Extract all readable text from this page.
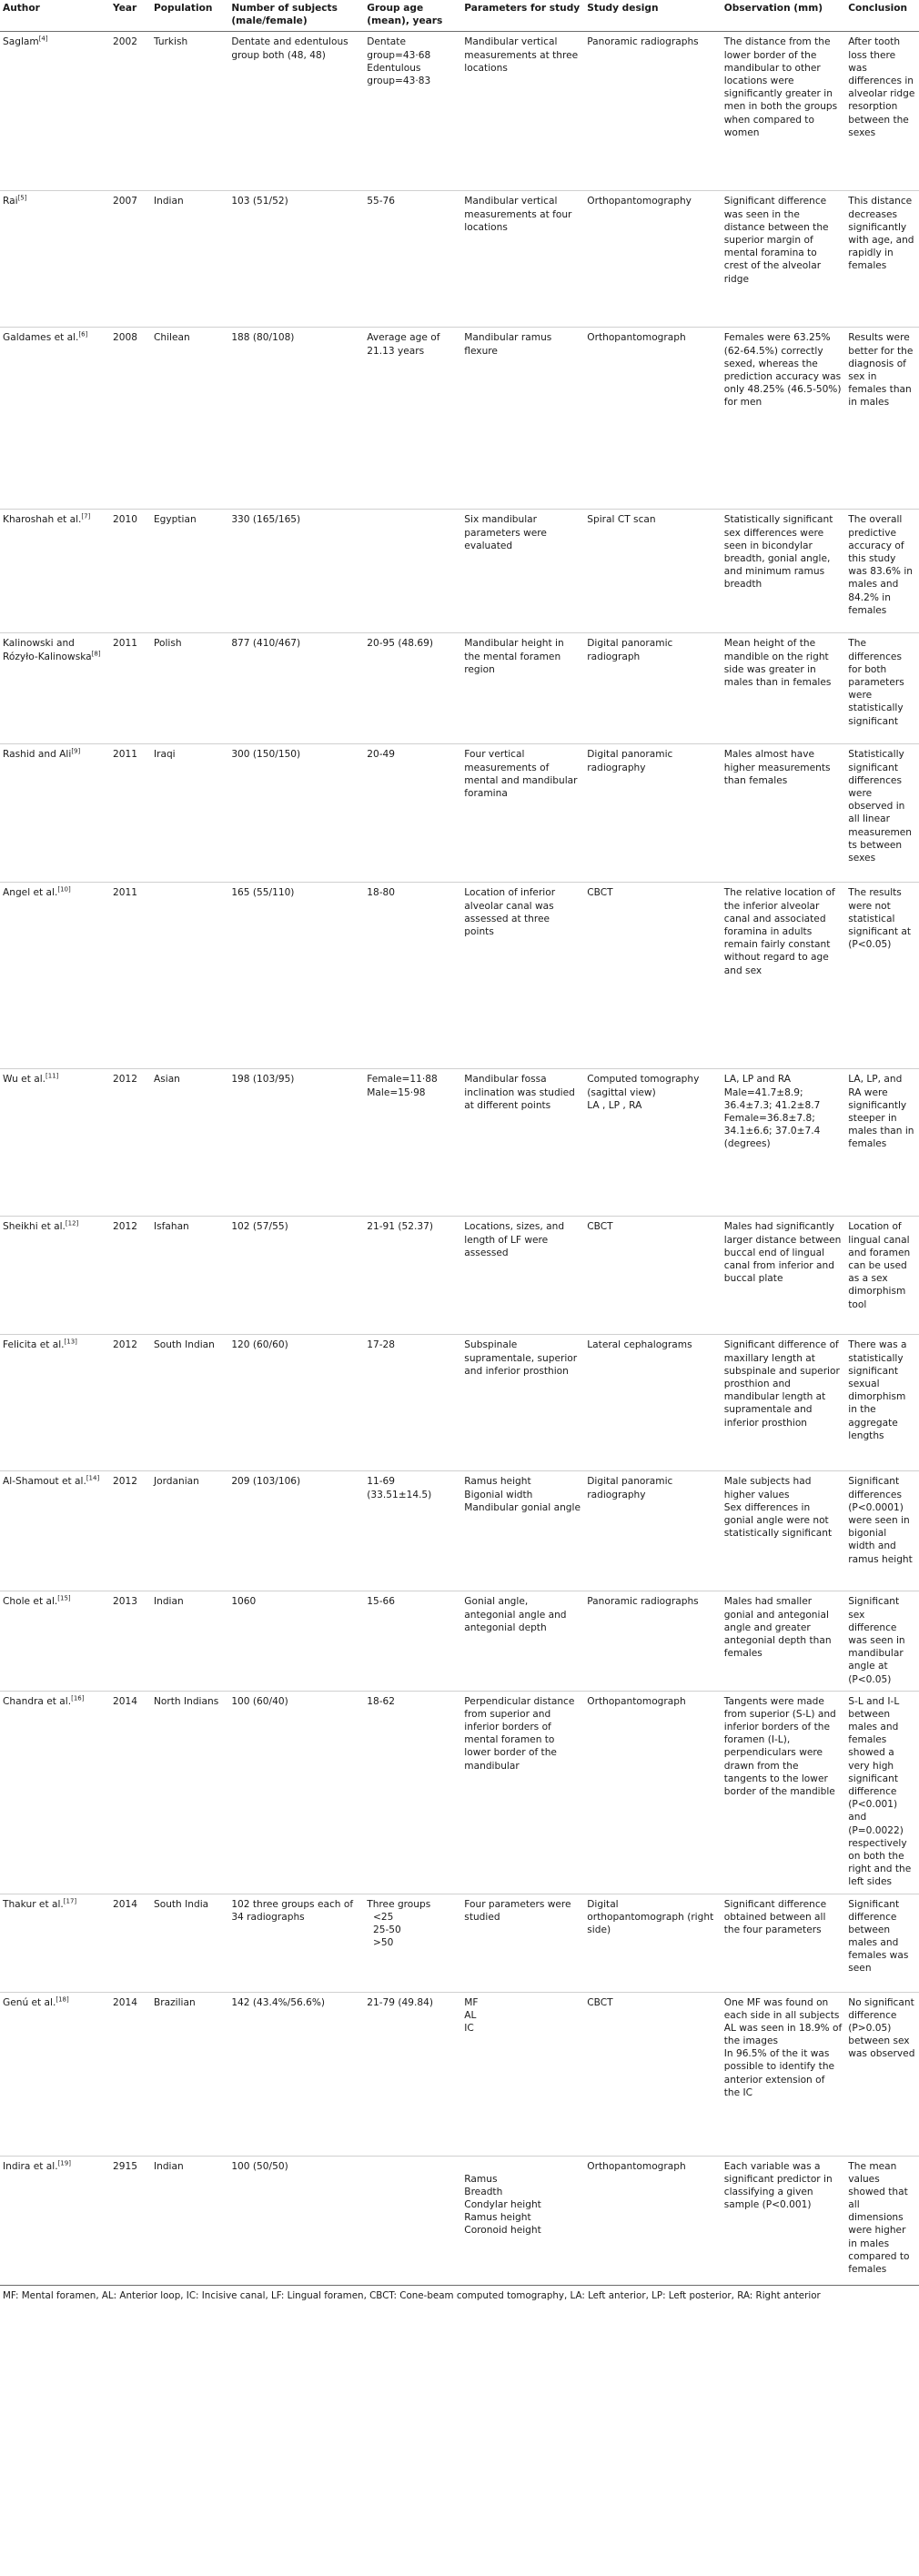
Author	Year	Population	Number of subjects (male/female)	Group age (mean), years	Parameters for study	Study design	Observation (mm)	Conclusion
Saglam[4]	2002	Turkish	Dentate and edentulous group both (48, 48)	Dentate group=43·68
Edentulous group=43·83	Mandibular vertical measurements at three locations	Panoramic radiographs	The distance from the lower border of the mandibular to other locations were significantly greater in men in both the groups when compared to women	After tooth loss there was differences in alveolar ridge resorption between the sexes

Rai[5]	2007	Indian	103 (51/52)	55-76	Mandibular vertical measurements at four locations	Orthopantomography	Significant difference was seen in the distance between the superior margin of mental foramina to crest of the alveolar ridge	This distance decreases significantly with age, and rapidly in females

Galdames et al.[6]	2008	Chilean	188 (80/108)	Average age of 21.13 years	Mandibular ramus flexure	Orthopantomograph	Females were 63.25% (62-64.5%) correctly sexed, whereas the prediction accuracy was only 48.25% (46.5-50%) for men	Results were better for the diagnosis of sex in females than in males

Kharoshah et al.[7]	2010	Egyptian	330 (165/165)		Six mandibular parameters were evaluated	Spiral CT scan	Statistically significant sex differences were seen in bicondylar breadth, gonial angle, and minimum ramus breadth	The overall predictive accuracy of this study was 83.6% in males and 84.2% in females

Kalinowski and Rózyło-Kalinowska[8]	2011	Polish	877 (410/467)	20-95 (48.69)	Mandibular height in the mental foramen region	Digital panoramic radiograph	Mean height of the mandible on the right side was greater in males than in females	The differences for both parameters were statistically significant

Rashid and Ali[9]	2011	Iraqi	300 (150/150)	20-49	Four vertical measurements of mental and mandibular foramina	Digital panoramic radiography	Males almost have higher measurements than females	Statistically significant differences were observed in all linear measurements between sexes

Angel et al.[10]	2011		165 (55/110)	18-80	Location of inferior alveolar canal was assessed at three points	CBCT	The relative location of the inferior alveolar canal and associated foramina in adults remain fairly constant without regard to age and sex	The results were not statistical significant at (P<0.05)

Wu et al.[11]	2012	Asian	198 (103/95)	Female=11·88
Male=15·98	Mandibular fossa inclination was studied at different points	Computed tomography (sagittal view)
LA , LP , RA	LA, LP and RA Male=41.7±8.9; 36.4±7.3; 41.2±8.7 Female=36.8±7.8; 34.1±6.6; 37.0±7.4 (degrees)	LA, LP, and RA were significantly steeper in males than in females

Sheikhi et al.[12]	2012	Isfahan	102 (57/55)	21-91 (52.37)	Locations, sizes, and length of LF were assessed	CBCT	Males had significantly larger distance between buccal end of lingual canal from inferior and buccal plate	Location of lingual canal and foramen can be used as a sex dimorphism tool

Felicita et al.[13]	2012	South Indian	120 (60/60)	17-28	Subspinale supramentale, superior and inferior prosthion	Lateral cephalograms	Significant difference of maxillary length at subspinale and superior prosthion and mandibular length at supramentale and inferior prosthion	There was a statistically significant sexual dimorphism in the aggregate lengths

Al-Shamout et al.[14]	2012	Jordanian	209 (103/106)	11-69
(33.51±14.5)	Ramus height
Bigonial width
Mandibular gonial angle	Digital panoramic radiography	Male subjects had higher values
Sex differences in gonial angle were not statistically significant	Significant differences (P<0.0001) were seen in bigonial width and ramus height

Chole et al.[15]	2013	Indian	1060	15-66	Gonial angle, antegonial angle and antegonial depth	Panoramic radiographs	Males had smaller gonial and antegonial angle and greater antegonial depth than females	Significant sex difference was seen in mandibular angle at (P<0.05)

Chandra et al.[16]	2014	North Indians	100 (60/40)	18-62	Perpendicular distance from superior and inferior borders of mental foramen to lower border of the mandibular	Orthopantomograph	Tangents were made from superior (S-L) and inferior borders of the foramen (I-L), perpendiculars were drawn from the tangents to the lower border of the mandible	S-L and I-L between males and females showed a very high significant difference (P<0.001) and (P=0.0022) respectively on both the right and the left sides

Thakur et al.[17]	2014	South India	102 three groups each of 34 radiographs	Three groups
<25
25-50
>50	Four parameters were studied	Digital orthopantomograph (right side)	Significant difference obtained between all the four parameters	Significant difference between males and females was seen

Genú et al.[18]	2014	Brazilian	142 (43.4%/56.6%)	21-79 (49.84)	MF
AL
IC	CBCT	One MF was found on each side in all subjects
AL was seen in 18.9% of the images
In 96.5% of the it was possible to identify the anterior extension of the IC	No significant difference (P>0.05) between sex was observed

Indira et al.[19]	2915	Indian	100 (50/50)		Ramus
Breadth
Condylar height
Ramus height
Coronoid height	Orthopantomograph	Each variable was a significant predictor in classifying a given sample (P<0.001)	The mean values showed that all dimensions were higher in males compared to females
MF: Mental foramen, AL: Anterior loop, IC: Incisive canal, LF: Lingual foramen, CBCT: Cone-beam computed tomography, LA: Left anterior, LP: Left posterior, RA: Right anterior
